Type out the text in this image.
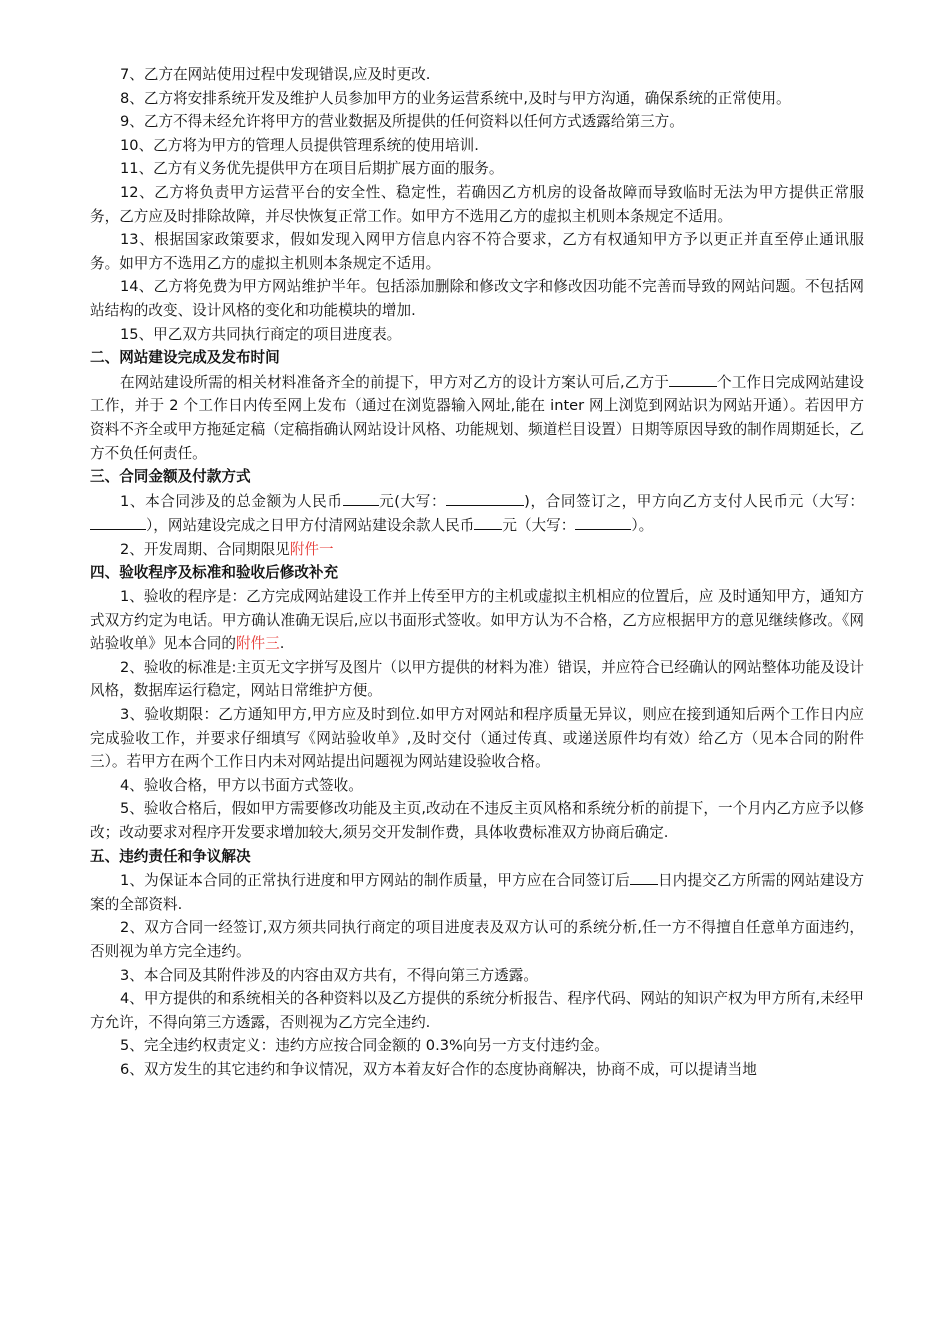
7、乙方在网站使用过程中发现错误,应及时更改.

8、乙方将安排系统开发及维护人员参加甲方的业务运营系统中,及时与甲方沟通，确保系统的正常使用。

9、乙方不得未经允许将甲方的营业数据及所提供的任何资料以任何方式透露给第三方。

10、乙方将为甲方的管理人员提供管理系统的使用培训.

11、乙方有义务优先提供甲方在项目后期扩展方面的服务。

12、乙方将负责甲方运营平台的安全性、稳定性，若确因乙方机房的设备故障而导致临时无法为甲方提供正常服务，乙方应及时排除故障，并尽快恢复正常工作。如甲方不选用乙方的虚拟主机则本条规定不适用。

13、根据国家政策要求，假如发现入网甲方信息内容不符合要求，乙方有权通知甲方予以更正并直至停止通讯服务。如甲方不选用乙方的虚拟主机则本条规定不适用。

14、乙方将免费为甲方网站维护半年。包括添加删除和修改文字和修改因功能不完善而导致的网站问题。不包括网站结构的改变、设计风格的变化和功能模块的增加.

15、甲乙双方共同执行商定的项目进度表。

二、网站建设完成及发布时间

在网站建设所需的相关材料准备齐全的前提下，甲方对乙方的设计方案认可后,乙方于	个工作日完成网站建设工作，并于 2 个工作日内传至网上发布（通过在浏览器输入网址,能在 inter 网上浏览到网站识为网站开通）。若因甲方资料不齐全或甲方拖延定稿（定稿指确认网站设计风格、功能规划、频道栏目设置）日期等原因导致的制作周期延长，乙方不负任何责任。

三、合同金额及付款方式

1、本合同涉及的总金额为人民币 元(大写：	)，合同签订之，甲方向乙方支付人民币元（大写：），网站建设完成之日甲方付清网站建设余款人民币 元（大写：	）。

2、开发周期、合同期限见附件一

四、验收程序及标准和验收后修改补充

1、验收的程序是：乙方完成网站建设工作并上传至甲方的主机或虚拟主机相应的位置后，应 及时通知甲方，通知方式双方约定为电话。甲方确认准确无误后,应以书面形式签收。如甲方认为不合格，乙方应根据甲方的意见继续修改。《网站验收单》见本合同的附件三.

2、验收的标准是:主页无文字拼写及图片（以甲方提供的材料为准）错误，并应符合已经确认的网站整体功能及设计风格，数据库运行稳定，网站日常维护方便。

3、验收期限：乙方通知甲方,甲方应及时到位.如甲方对网站和程序质量无异议，则应在接到通知后两个工作日内应完成验收工作，并要求仔细填写《网站验收单》,及时交付（通过传真、或递送原件均有效）给乙方（见本合同的附件三）。若甲方在两个工作日内未对网站提出问题视为网站建设验收合格。

4、验收合格，甲方以书面方式签收。

5、验收合格后，假如甲方需要修改功能及主页,改动在不违反主页风格和系统分析的前提下，一个月内乙方应予以修改；改动要求对程序开发要求增加较大,须另交开发制作费，具体收费标准双方协商后确定.

五、违约责任和争议解决

1、为保证本合同的正常执行进度和甲方网站的制作质量，甲方应在合同签订后 日内提交乙方所需的网站建设方案的全部资料.

2、双方合同一经签订,双方须共同执行商定的项目进度表及双方认可的系统分析,任一方不得擅自任意单方面违约，否则视为单方完全违约。

3、本合同及其附件涉及的内容由双方共有，不得向第三方透露。

4、甲方提供的和系统相关的各种资料以及乙方提供的系统分析报告、程序代码、网站的知识产权为甲方所有,未经甲方允许，不得向第三方透露，否则视为乙方完全违约.

5、完全违约权责定义：违约方应按合同金额的 0.3%向另一方支付违约金。

6、双方发生的其它违约和争议情况，双方本着友好合作的态度协商解决，协商不成，可以提请当地
